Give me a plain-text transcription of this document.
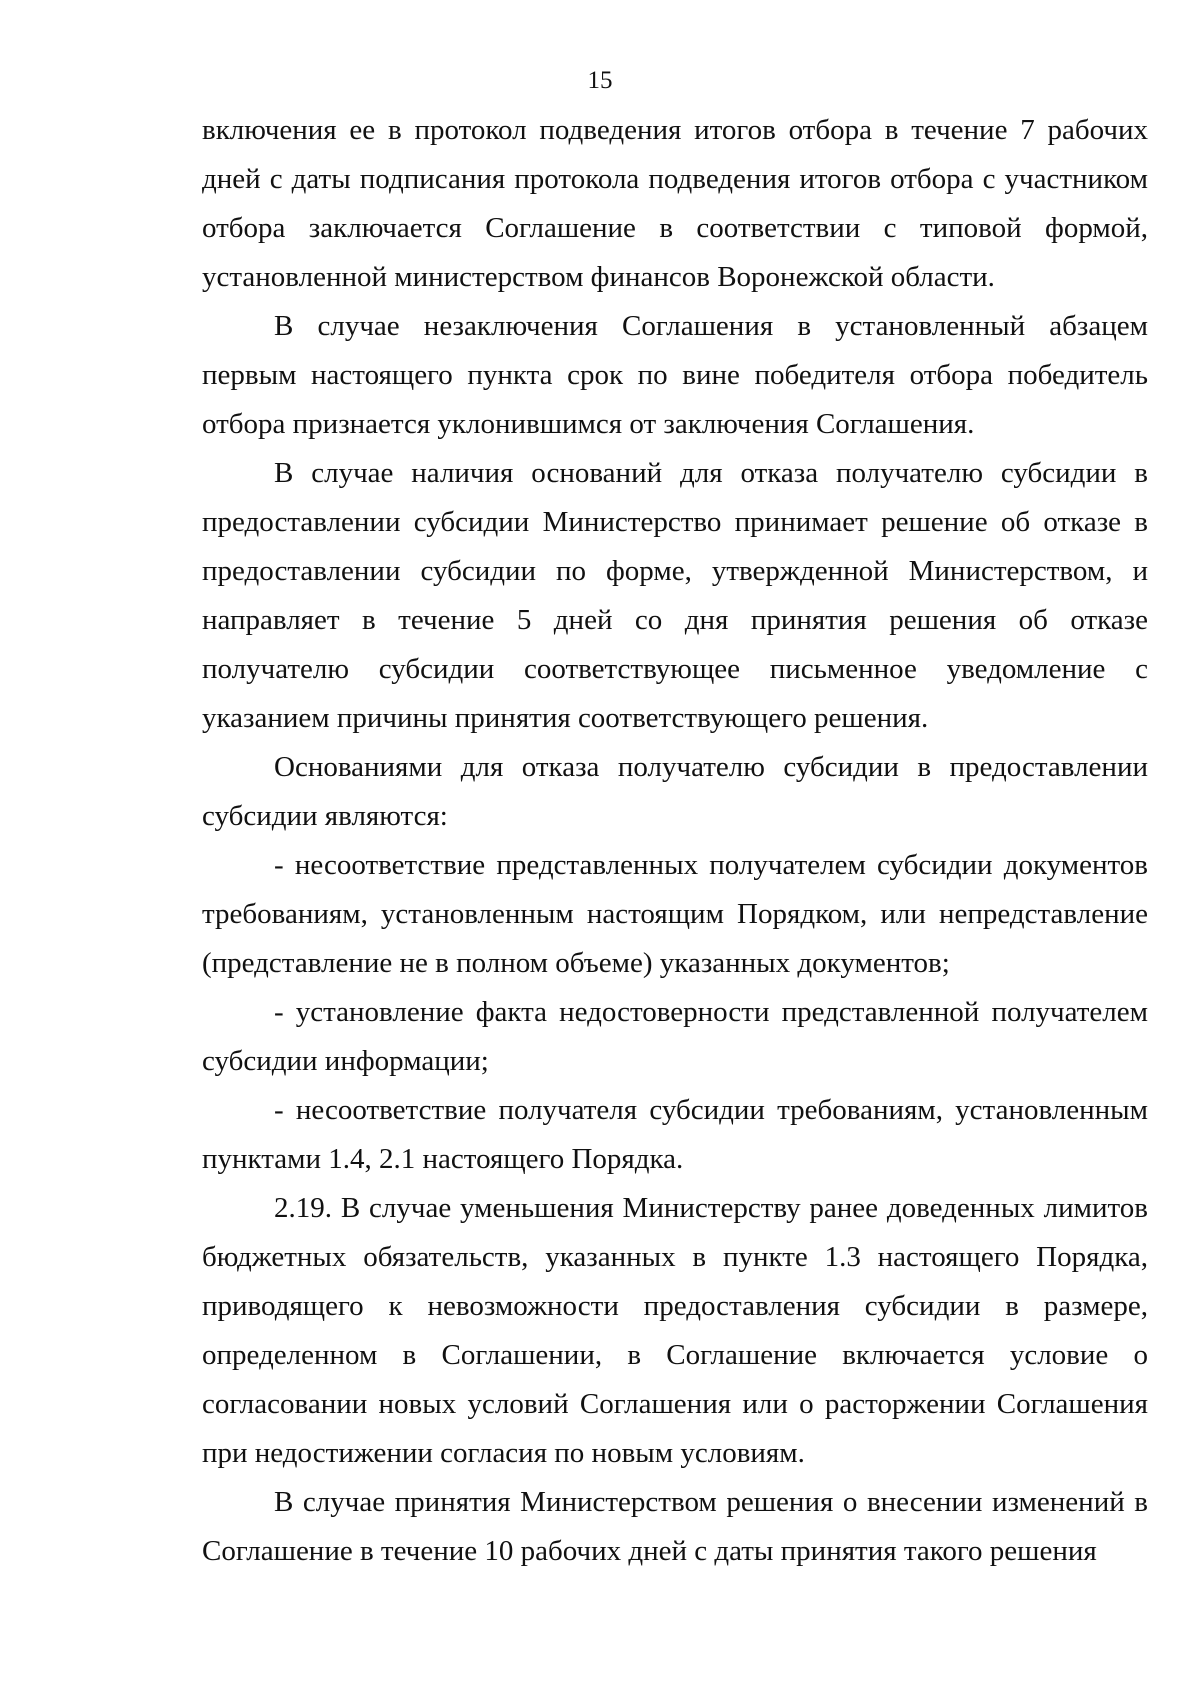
15

включения ее в протокол подведения итогов отбора в течение 7 рабочих дней с даты подписания протокола подведения итогов отбора с участником отбора заключается Соглашение в соответствии с типовой формой, установленной министерством финансов Воронежской области.

В случае незаключения Соглашения в установленный абзацем первым настоящего пункта срок по вине победителя отбора победитель отбора признается уклонившимся от заключения Соглашения.

В случае наличия оснований для отказа получателю субсидии в предоставлении субсидии Министерство принимает решение об отказе в предоставлении субсидии по форме, утвержденной Министерством, и направляет в течение 5 дней со дня принятия решения об отказе получателю субсидии соответствующее письменное уведомление с указанием причины принятия соответствующего решения.

Основаниями для отказа получателю субсидии в предоставлении субсидии являются:

- несоответствие представленных получателем субсидии документов требованиям, установленным настоящим Порядком, или непредставление (представление не в полном объеме) указанных документов;

- установление факта недостоверности представленной получателем субсидии информации;

- несоответствие получателя субсидии требованиям, установленным пунктами 1.4, 2.1 настоящего Порядка.

2.19. В случае уменьшения Министерству ранее доведенных лимитов бюджетных обязательств, указанных в пункте 1.3 настоящего Порядка, приводящего к невозможности предоставления субсидии в размере, определенном в Соглашении, в Соглашение включается условие о согласовании новых условий Соглашения или о расторжении Соглашения при недостижении согласия по новым условиям.

В случае принятия Министерством решения о внесении изменений в Соглашение в течение 10 рабочих дней с даты принятия такого решения
